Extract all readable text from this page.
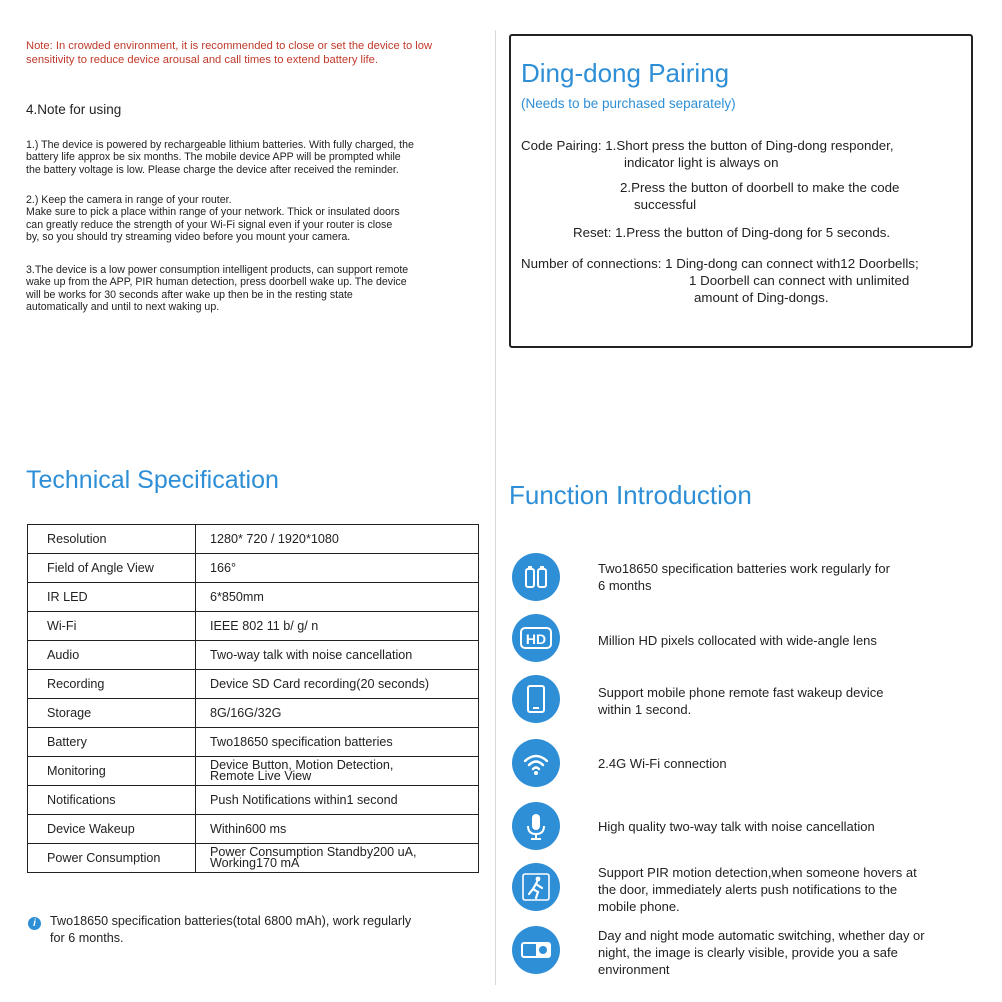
Note: In crowded environment, it is recommended to close or set the device to low
sensitivity to reduce device arousal and call times to extend battery life.
4.Note for using
1.) The device is powered by rechargeable lithium batteries. With fully charged, the
battery life approx be six months. The mobile device APP will be prompted while
the battery voltage is low. Please charge the device after received the reminder.
2.) Keep the camera in range of your router.
Make sure to pick a place within range of your network. Thick or insulated doors
can greatly reduce the strength of your Wi-Fi signal even if your router is close
by, so you should try streaming video before you mount your camera.
3.The device is a low power consumption intelligent products, can support remote
wake up from the APP, PIR human detection, press doorbell wake up. The device
will be works for 30 seconds after wake up then be in the resting state
automatically and until to next waking up.
Technical Specification
Resolution	1280* 720 / 1920*1080

Field of Angle View	166°

IR LED	6*850mm

Wi-Fi	IEEE 802 11 b/ g/ n

Audio	Two-way talk with noise cancellation

Recording	Device SD Card recording(20 seconds)

Storage	8G/16G/32G

Battery	Two18650 specification batteries

Monitoring	Device Button, Motion Detection,
Remote Live View

Notifications	Push Notifications within1 second

Device Wakeup	Within600 ms

Power Consumption	Power Consumption Standby200 uA,
Working170 mA
i	Two18650 specification batteries(total 6800 mAh), work regularly
for 6 months.
Ding-dong Pairing
(Needs to be purchased separately)
Code Pairing: 1.Short press the button of Ding-dong responder,
indicator light is always on
2.Press the button of doorbell to make the code
successful
Reset: 1.Press the button of Ding-dong for 5 seconds.
Number of connections: 1 Ding-dong can connect with12 Doorbells;
1 Doorbell can connect with unlimited
amount of Ding-dongs.
Function Introduction
HD
Two18650 specification batteries work regularly for
6 months
Million HD pixels collocated with wide-angle lens
Support mobile phone remote fast wakeup device
within 1 second.
2.4G Wi-Fi connection
High quality two-way talk with noise cancellation
Support PIR motion detection,when someone hovers at
the door, immediately alerts push notifications to the
mobile phone.
Day and night mode automatic switching, whether day or
night, the image is clearly visible, provide you a safe
environment
